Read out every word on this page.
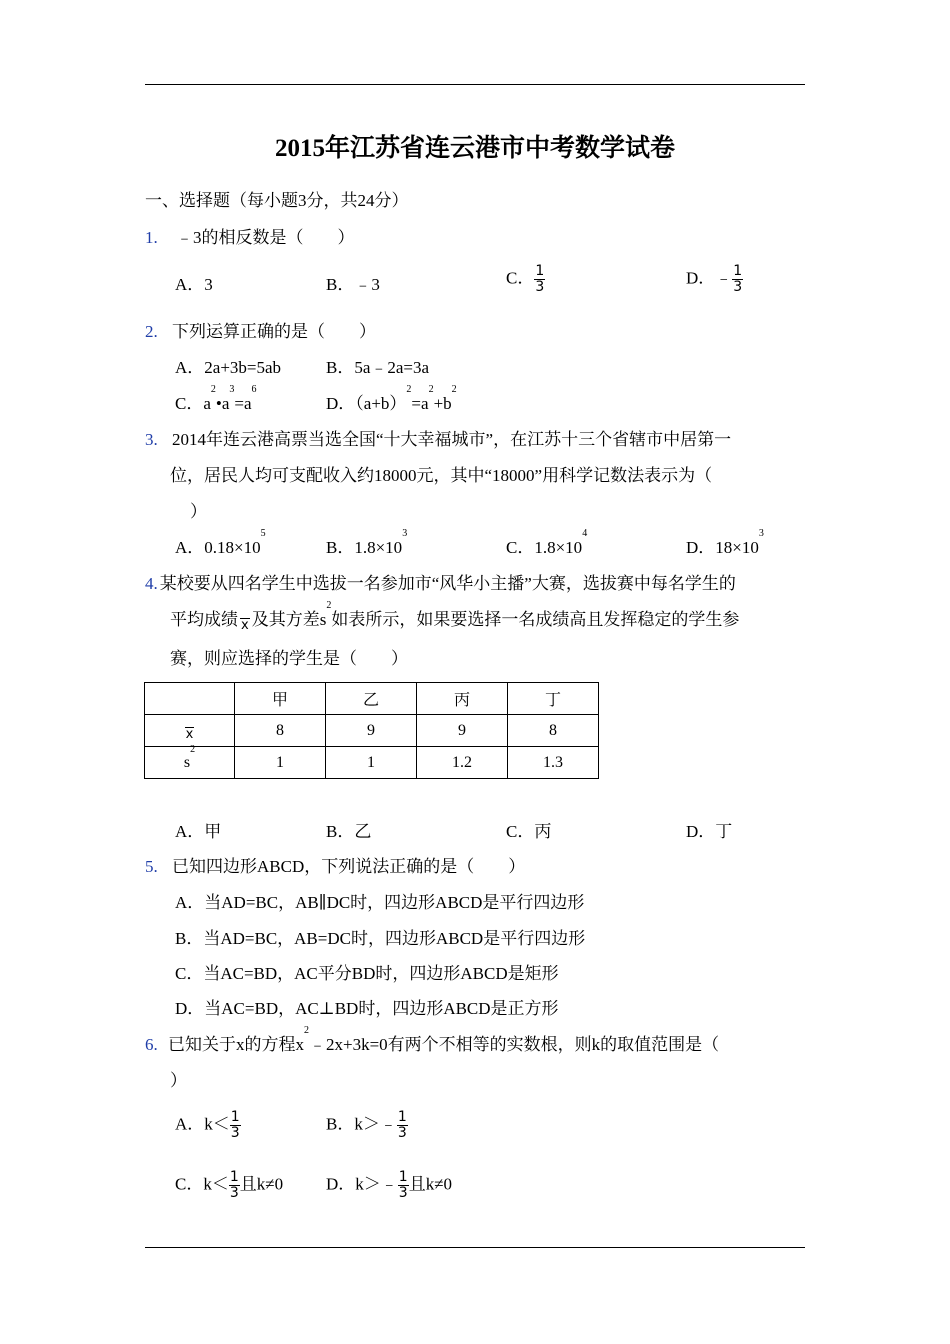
2015年江苏省连云港市中考数学试卷
一、选择题（每小题3分，共24分）
1. ﹣3的相反数是（　　）
A．3	B．﹣3	C． $\frac{1}{3}$	D．﹣ $\frac{1}{3}$
2. 下列运算正确的是（　　）
A．2a+3b=5ab	B．5a﹣2a=3a
C．$a^2•a^3=a^6$
D．$(a+b)^2=a^2+b^2$
3. 2014年连云港高票当选全国“十大幸福城市”，在江苏十三个省辖市中居第一
位，居民人均可支配收入约18000元，其中“18000”用科学记数法表示为（
）
A．$0.18\times 10^5$
B．$1.8\times 10^3$
C．$1.8\times 10^4$
D．$18\times 10^3$
4. 某校要从四名学生中选拔一名参加市“风华小主播”大赛，选拔赛中每名学生的
平均成绩 x 及其方差$s^2$如表所示，如果要选择一名成绩高且发挥稳定的学生参
赛，则应选择的学生是（　　）
	甲	乙	丙	丁
x	8	9	9	8
$s^2$	1	1	1.2	1.3
A．甲	B．乙	C．丙	D．丁
5. 已知四边形ABCD，下列说法正确的是（　　）
A．当AD=BC，AB∥DC时，四边形ABCD是平行四边形
B．当AD=BC，AB=DC时，四边形ABCD是平行四边形
C．当AC=BD，AC平分BD时，四边形ABCD是矩形
D．当AC=BD，AC⊥BD时，四边形ABCD是正方形
6. 已知关于x的方程$x^2﹣2x+3k=0$有两个不相等的实数根，则k的取值范围是（
）
A．$k< \frac{1}{3}$	B．k＞﹣ $\frac{1}{3}$
C．$k< \frac{1}{3}$ 且k≠0	D．k＞﹣ $\frac{1}{3}$ 且k≠0
